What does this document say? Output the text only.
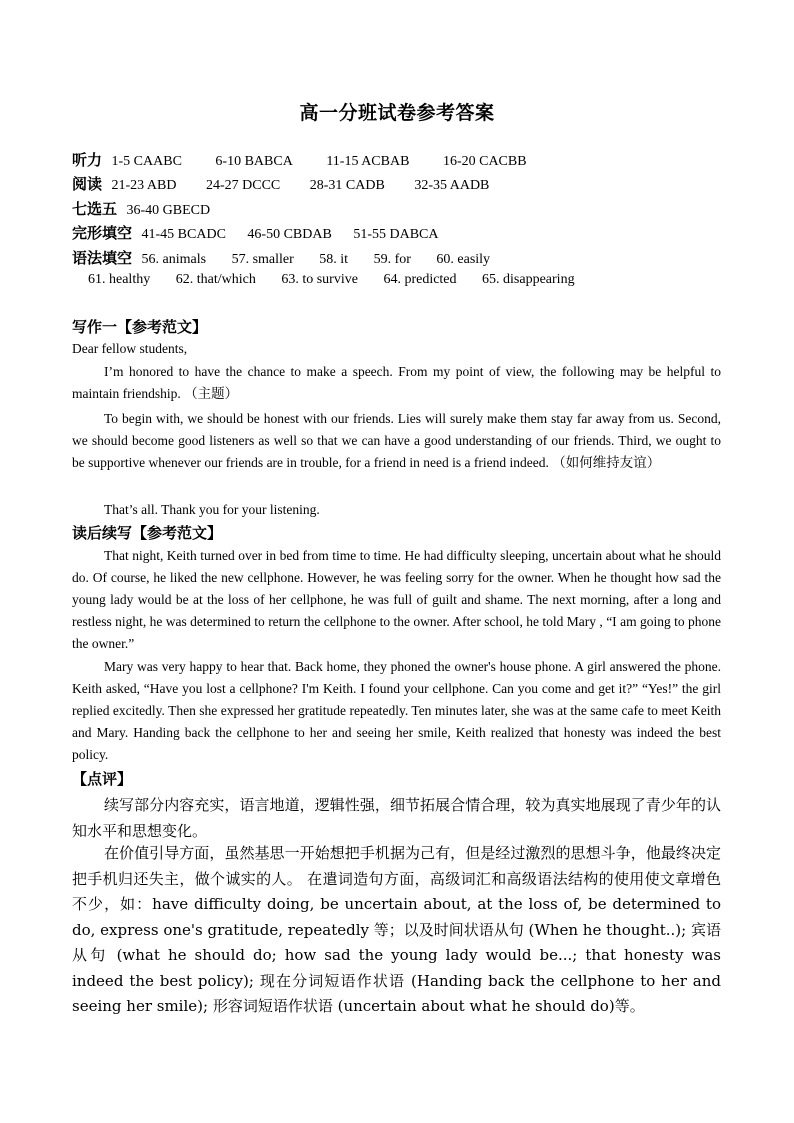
高一分班试卷参考答案
听力 1-5 CAABC 6-10 BABCA 11-15 ACBAB 16-20 CACBB
阅读 21-23 ABD 24-27 DCCC 28-31 CADB 32-35 AADB
七选五 36-40 GBECD
完形填空 41-45 BCADC 46-50 CBDAB 51-55 DABCA
语法填空 56. animals 57. smaller 58. it 59. for 60. easily
61. healthy 62. that/which 63. to survive 64. predicted 65. disappearing
写作一【参考范文】
Dear fellow students,

I’m honored to have the chance to make a speech. From my point of view, the following may be helpful to maintain friendship. （主题）

To begin with, we should be honest with our friends. Lies will surely make them stay far away from us. Second, we should become good listeners as well so that we can have a good understanding of our friends. Third, we ought to be supportive whenever our friends are in trouble, for a friend in need is a friend indeed. （如何维持友谊）

That’s all. Thank you for your listening.

读后续写【参考范文】

That night, Keith turned over in bed from time to time. He had difficulty sleeping, uncertain about what he should do. Of course, he liked the new cellphone. However, he was feeling sorry for the owner. When he thought how sad the young lady would be at the loss of her cellphone, he was full of guilt and shame. The next morning, after a long and restless night, he was determined to return the cellphone to the owner. After school, he told Mary , “I am going to phone the owner.”

Mary was very happy to hear that. Back home, they phoned the owner's house phone. A girl answered the phone. Keith asked, “Have you lost a cellphone? I'm Keith. I found your cellphone. Can you come and get it?” “Yes!” the girl replied excitedly. Then she expressed her gratitude repeatedly. Ten minutes later, she was at the same cafe to meet Keith and Mary. Handing back the cellphone to her and seeing her smile, Keith realized that honesty was indeed the best policy.

【点评】

续写部分内容充实，语言地道，逻辑性强，细节拓展合情合理，较为真实地展现了青少年的认知水平和思想变化。

在价值引导方面，虽然基思一开始想把手机据为己有，但是经过激烈的思想斗争，他最终决定把手机归还失主，做个诚实的人。 在遣词造句方面，高级词汇和高级语法结构的使用使文章增色不少，如：have difficulty doing, be uncertain about, at the loss of, be determined to do, express one's gratitude, repeatedly 等；以及时间状语从句 (When he thought..); 宾语从句 (what he should do; how sad the young lady would be...; that honesty was indeed the best policy); 现在分词短语作状语 (Handing back the cellphone to her and seeing her smile); 形容词短语作状语 (uncertain about what he should do)等。
